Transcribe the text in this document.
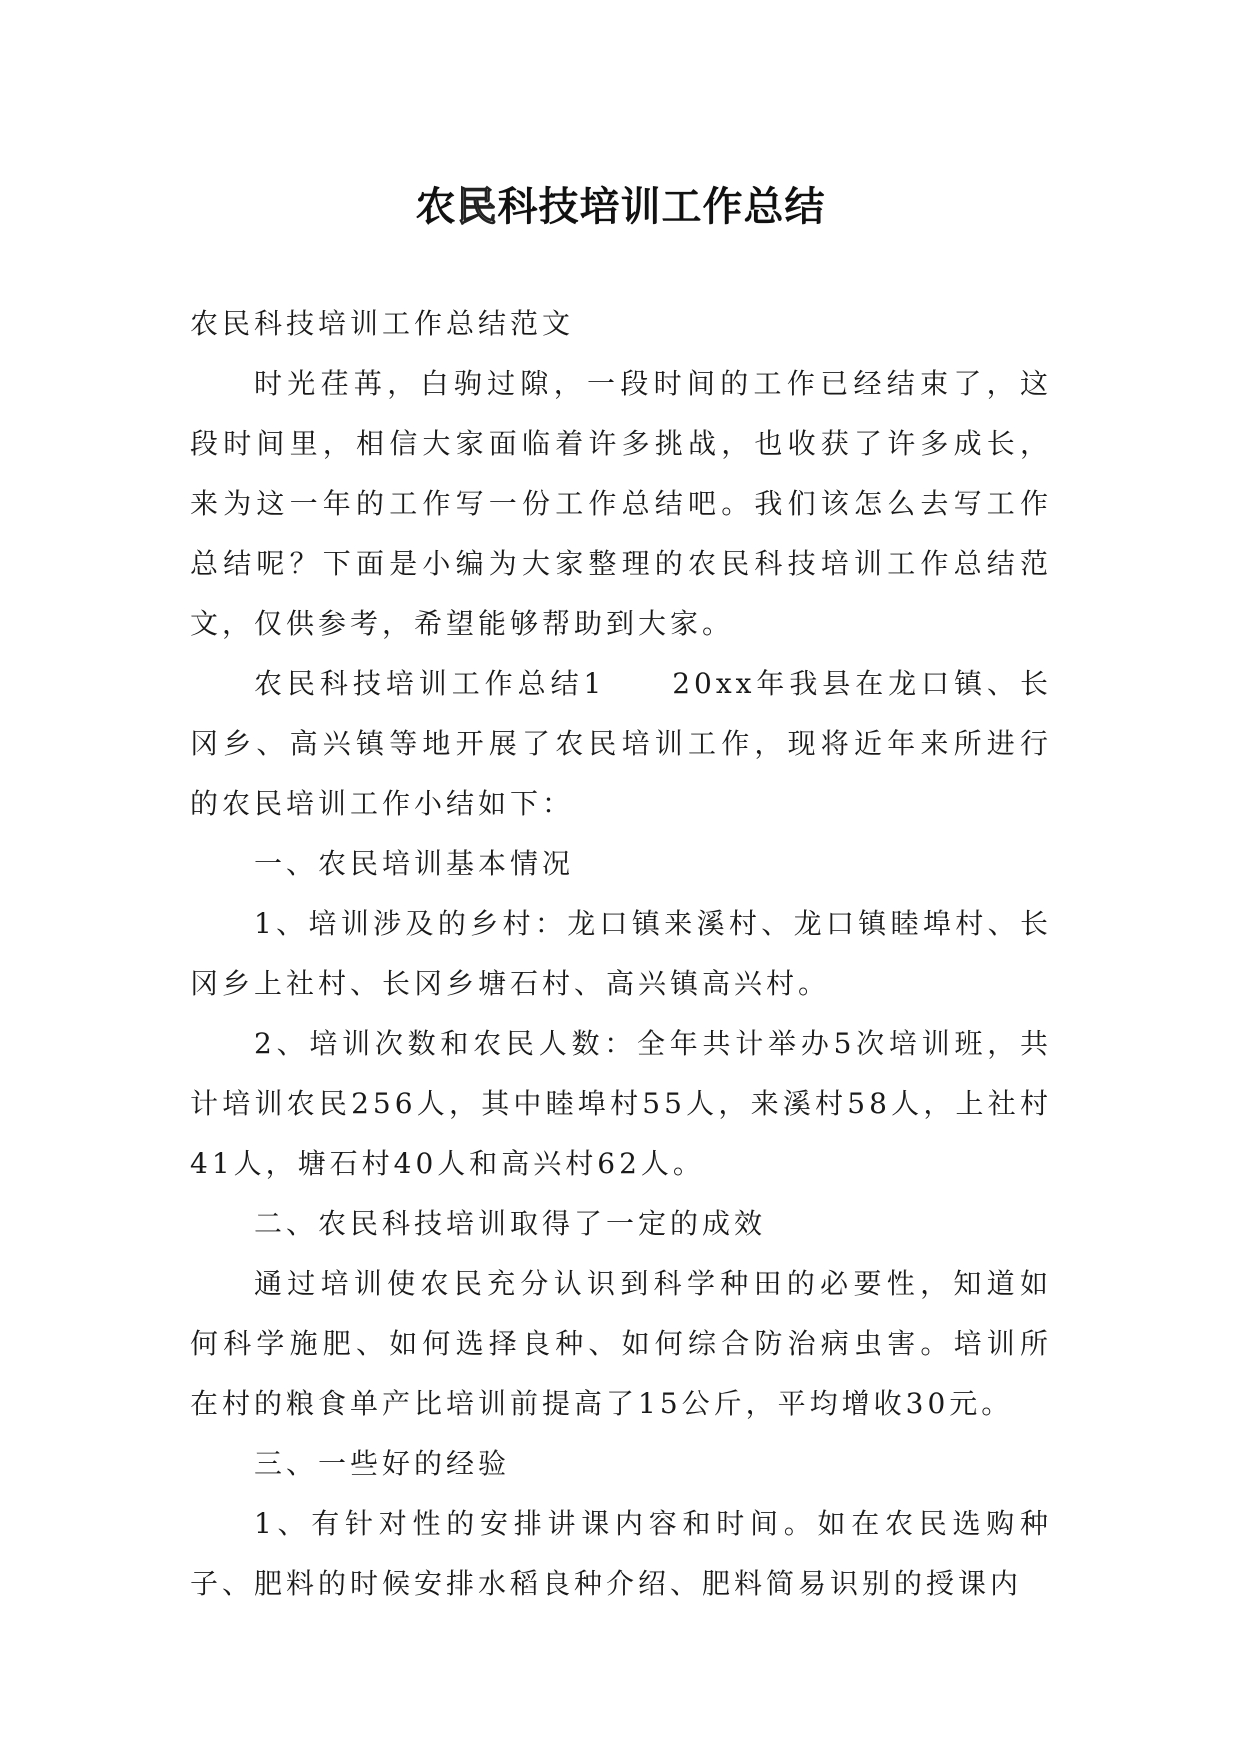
农民科技培训工作总结

农民科技培训工作总结范文

时光荏苒，白驹过隙，一段时间的工作已经结束了，这段时间里，相信大家面临着许多挑战，也收获了许多成长，来为这一年的工作写一份工作总结吧。我们该怎么去写工作总结呢？下面是小编为大家整理的农民科技培训工作总结范文，仅供参考，希望能够帮助到大家。

农民科技培训工作总结1　　20xx年我县在龙口镇、长冈乡、高兴镇等地开展了农民培训工作，现将近年来所进行的农民培训工作小结如下：

一、农民培训基本情况

1、培训涉及的乡村：龙口镇来溪村、龙口镇睦埠村、长冈乡上社村、长冈乡塘石村、高兴镇高兴村。

2、培训次数和农民人数：全年共计举办5次培训班，共计培训农民256人，其中睦埠村55人，来溪村58人，上社村41人，塘石村40人和高兴村62人。

二、农民科技培训取得了一定的成效

通过培训使农民充分认识到科学种田的必要性，知道如何科学施肥、如何选择良种、如何综合防治病虫害。培训所在村的粮食单产比培训前提高了15公斤，平均增收30元。

三、一些好的经验

1、有针对性的安排讲课内容和时间。如在农民选购种子、肥料的时候安排水稻良种介绍、肥料简易识别的授课内
